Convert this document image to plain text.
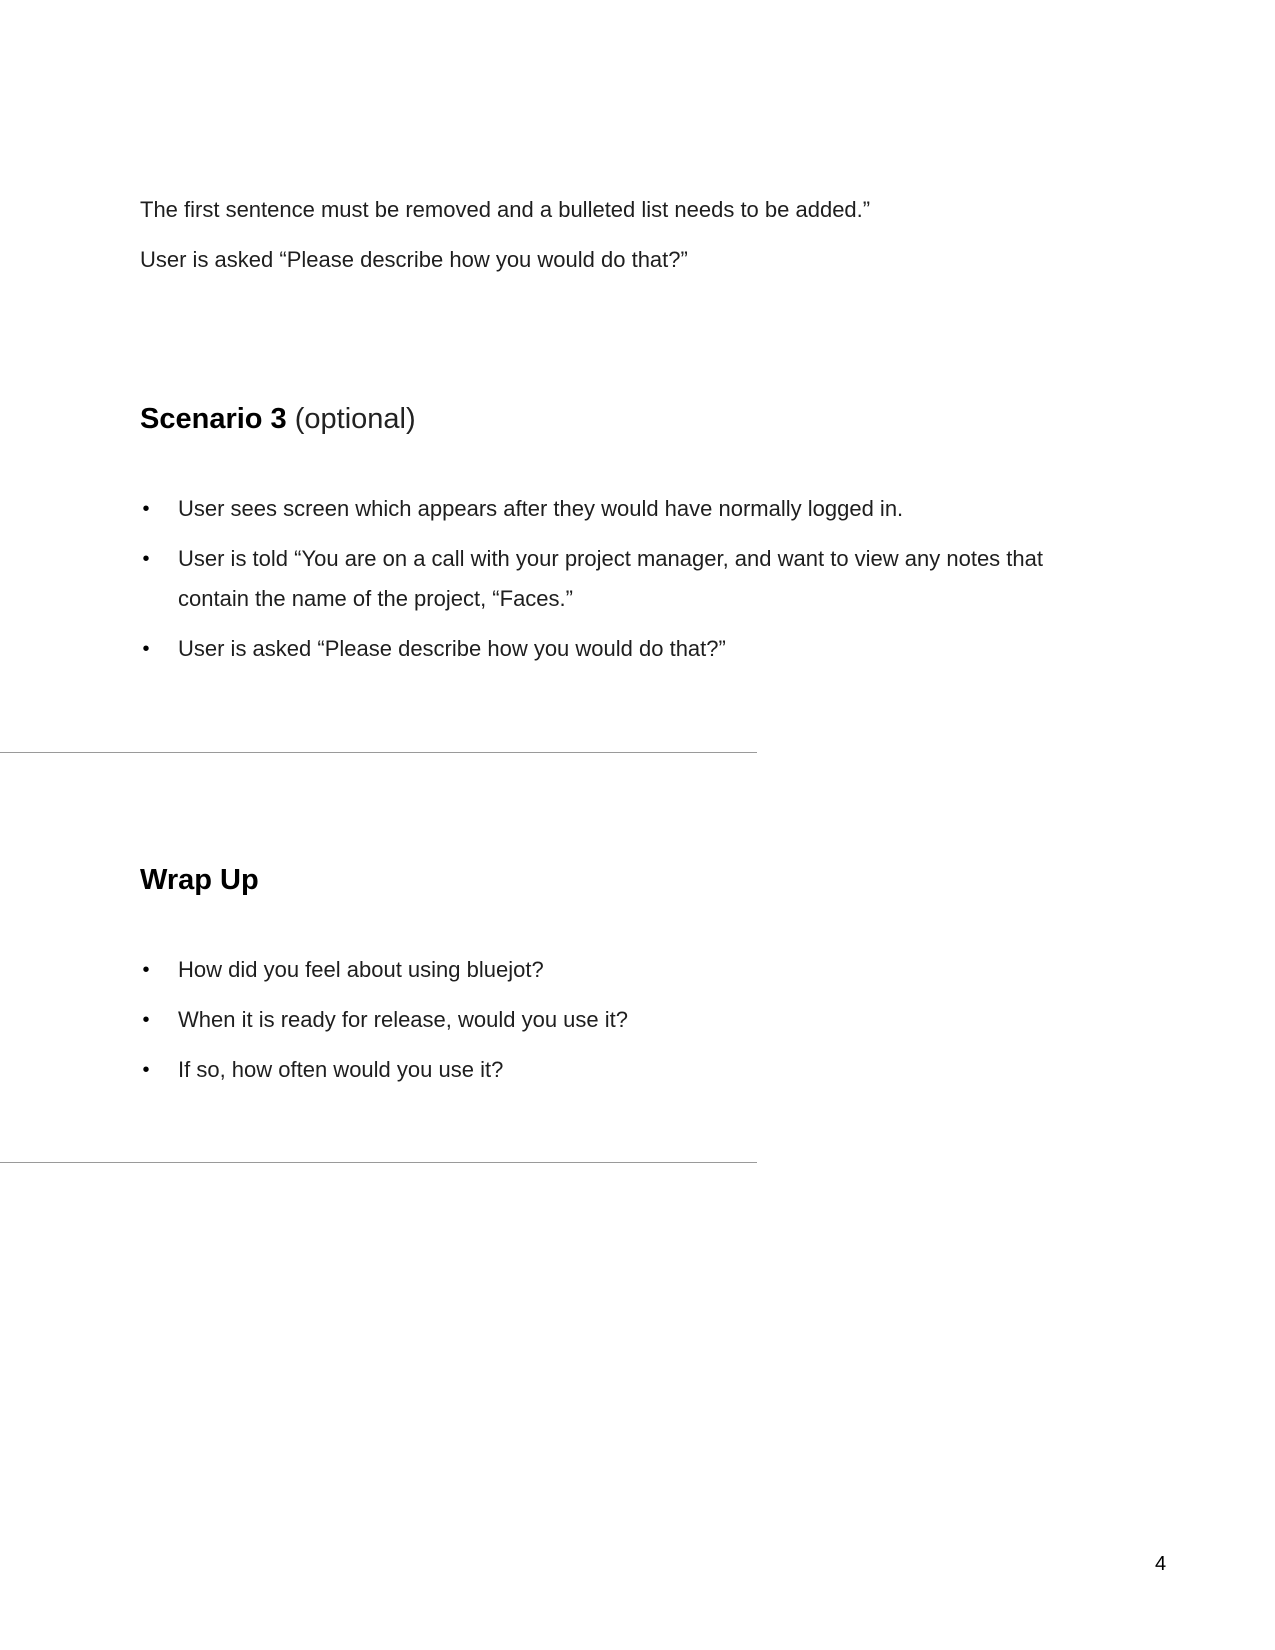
The first sentence must be removed and a bulleted list needs to be added.”

User is asked “Please describe how you would do that?”

Scenario 3 (optional)
• User sees screen which appears after they would have normally logged in.
• User is told “You are on a call with your project manager, and want to view any notes that contain the name of the project, “Faces.”
• User is asked “Please describe how you would do that?”
Wrap Up
• How did you feel about using bluejot?
• When it is ready for release, would you use it?
• If so, how often would you use it?

4
